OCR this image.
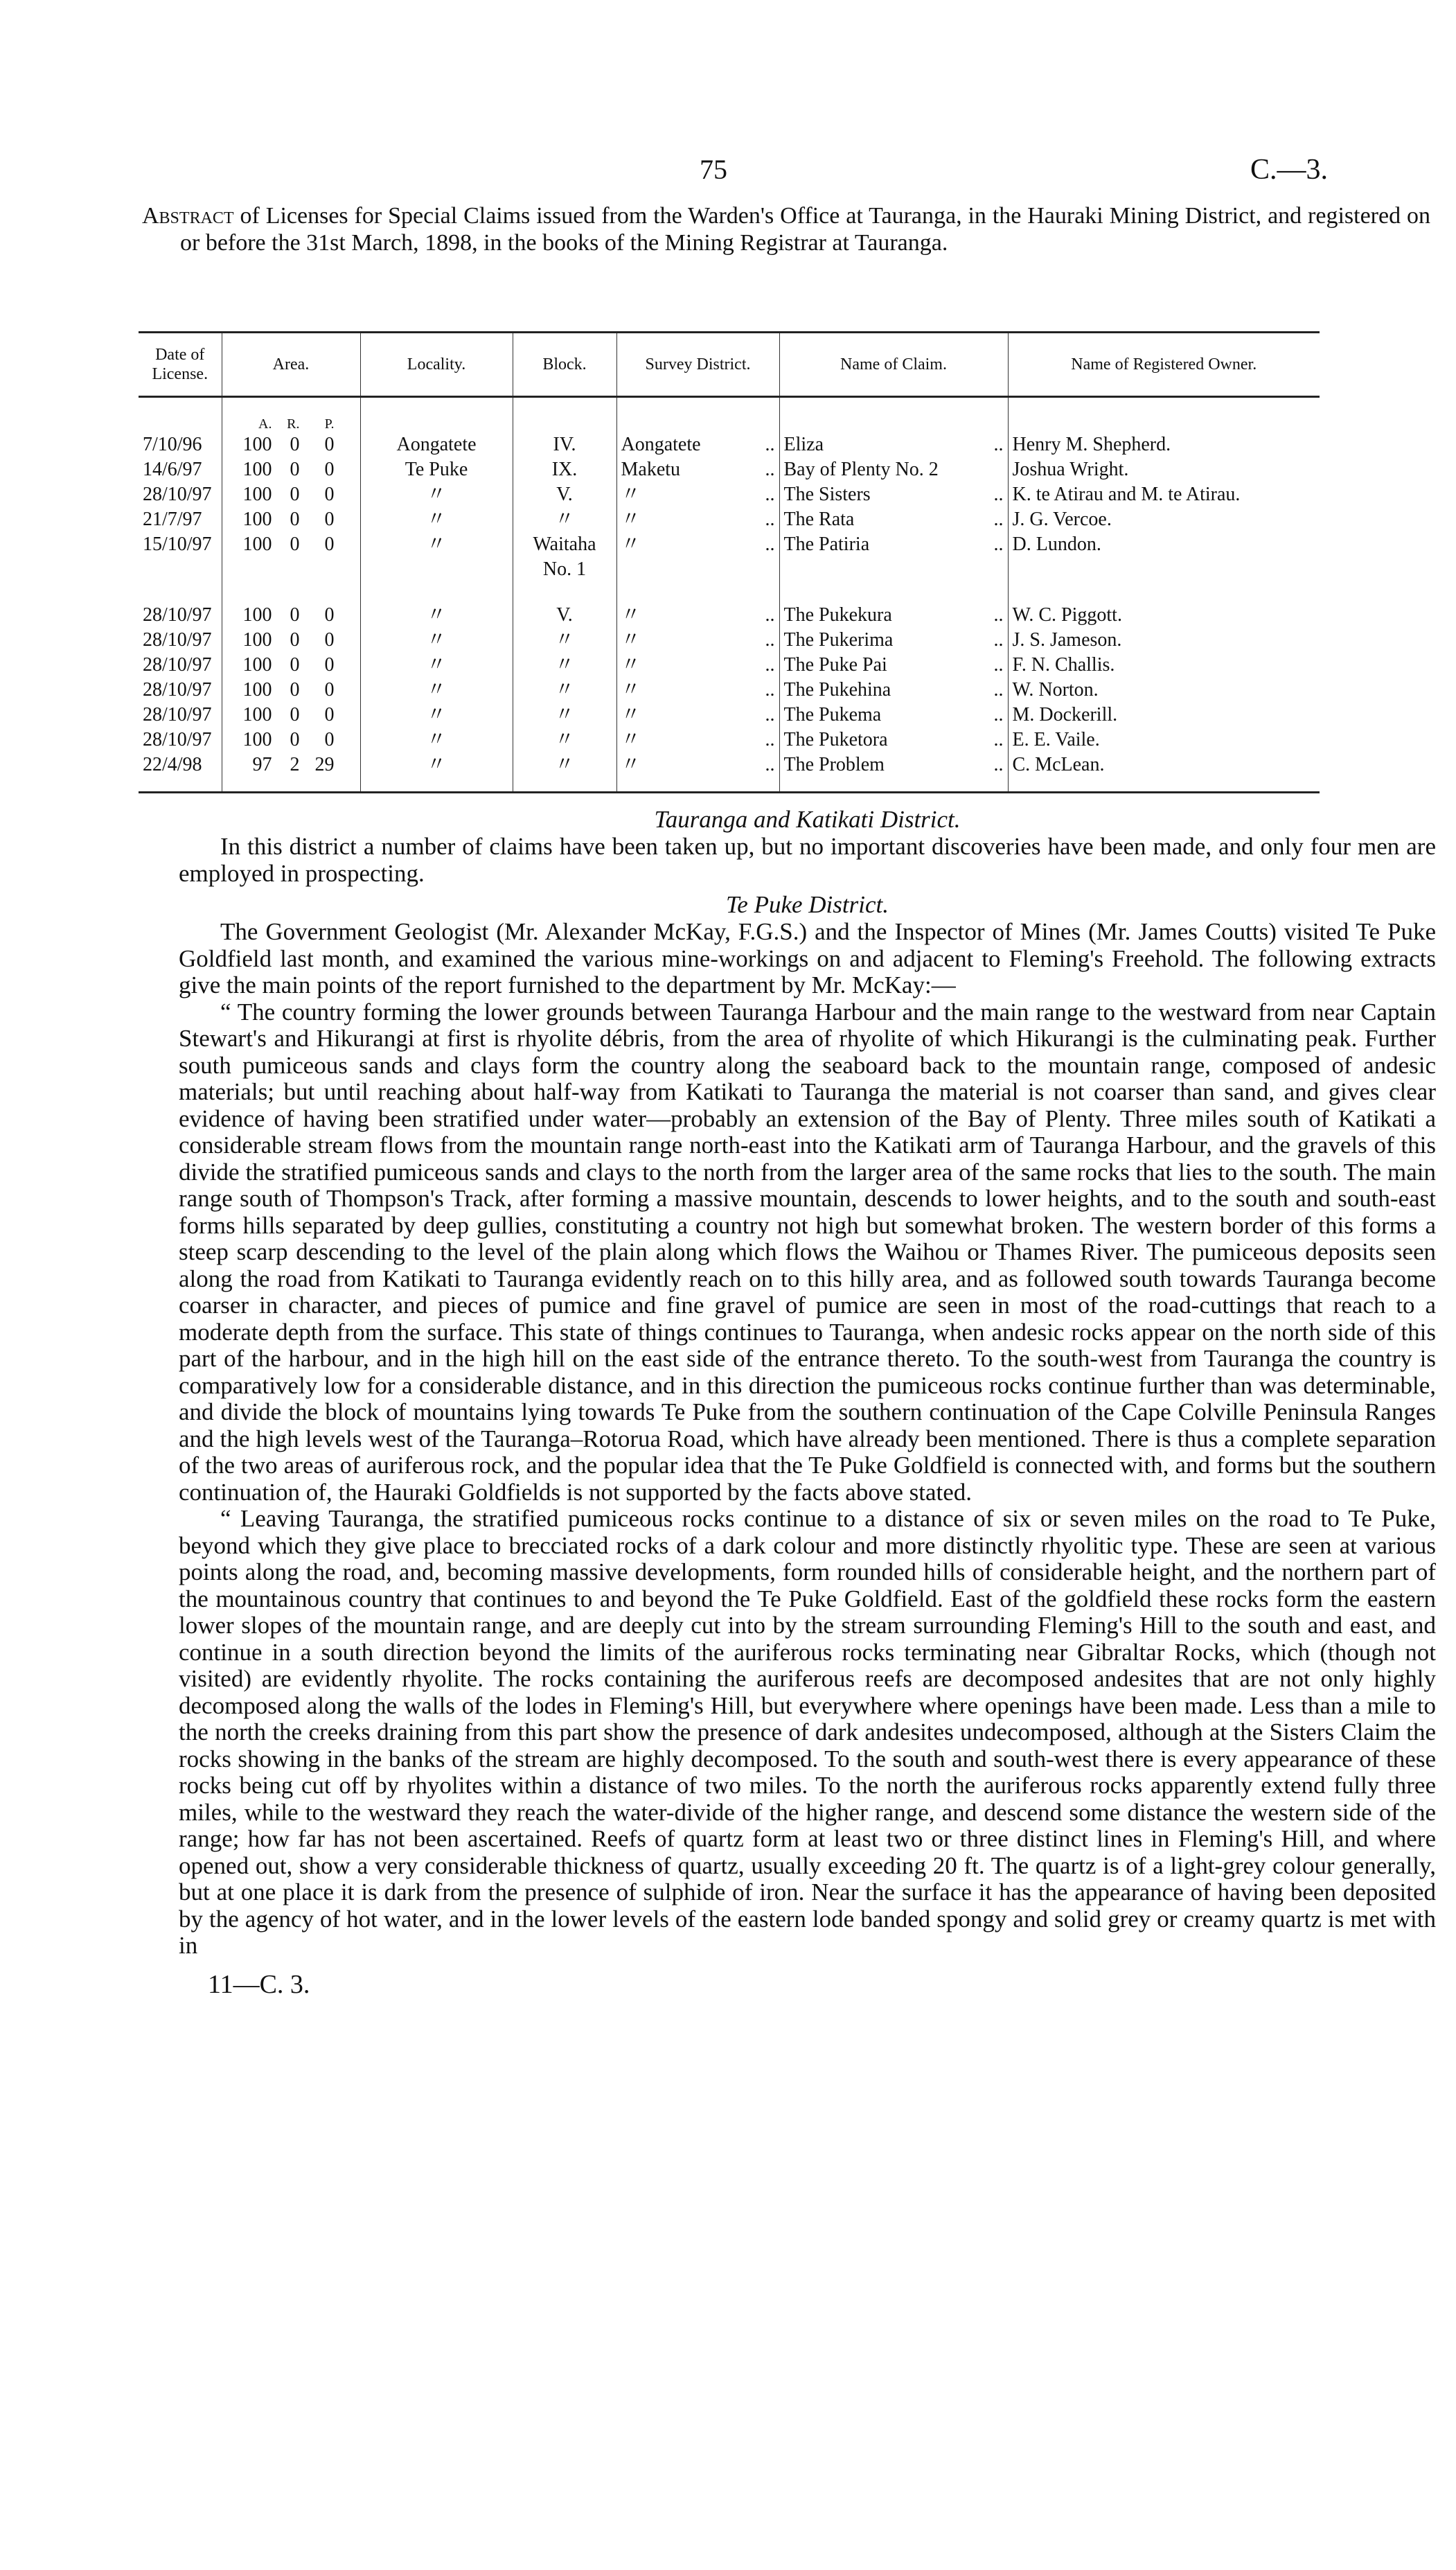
75	C.—3.

Abstract of Licenses for Special Claims issued from the Warden's Office at Tauranga, in the Hauraki Mining District, and registered on or before the 31st March, 1898, in the books of the Mining Registrar at Tauranga.

Date of License.	Area.	Locality.	Block.	Survey District.	Name of Claim.	Name of Registered Owner.
	A. R. P.					
7/10/96	100 0 0	Aongatete	IV.	Aongatete ..	Eliza ..	Henry M. Shepherd.
14/6/97	100 0 0	Te Puke	IX.	Maketu ..	Bay of Plenty No. 2	Joshua Wright.
28/10/97	100 0 0	〃	V.	〃 ..	The Sisters ..	K. te Atirau and M. te Atirau.
21/7/97	100 0 0	〃	〃	〃 ..	The Rata ..	J. G. Vercoe.
15/10/97	100 0 0	〃	Waitaha No. 1	〃 ..	The Patiria ..	D. Lundon.
28/10/97	100 0 0	〃	V.	〃 ..	The Pukekura ..	W. C. Piggott.
28/10/97	100 0 0	〃	〃	〃 ..	The Pukerima ..	J. S. Jameson.
28/10/97	100 0 0	〃	〃	〃 ..	The Puke Pai ..	F. N. Challis.
28/10/97	100 0 0	〃	〃	〃 ..	The Pukehina ..	W. Norton.
28/10/97	100 0 0	〃	〃	〃 ..	The Pukema ..	M. Dockerill.
28/10/97	100 0 0	〃	〃	〃 ..	The Puketora ..	E. E. Vaile.
22/4/98	97 2 29	〃	〃	〃 ..	The Problem ..	C. McLean.
Tauranga and Katikati District.

In this district a number of claims have been taken up, but no important discoveries have been made, and only four men are employed in prospecting.

Te Puke District.

The Government Geologist (Mr. Alexander McKay, F.G.S.) and the Inspector of Mines (Mr. James Coutts) visited Te Puke Goldfield last month, and examined the various mine-workings on and adjacent to Fleming's Freehold. The following extracts give the main points of the report furnished to the department by Mr. McKay:—

“ The country forming the lower grounds between Tauranga Harbour and the main range to the westward from near Captain Stewart's and Hikurangi at first is rhyolite débris, from the area of rhyolite of which Hikurangi is the culminating peak. Further south pumiceous sands and clays form the country along the seaboard back to the mountain range, composed of andesic materials; but until reaching about half-way from Katikati to Tauranga the material is not coarser than sand, and gives clear evidence of having been stratified under water—probably an extension of the Bay of Plenty. Three miles south of Katikati a considerable stream flows from the mountain range north-east into the Katikati arm of Tauranga Harbour, and the gravels of this divide the stratified pumiceous sands and clays to the north from the larger area of the same rocks that lies to the south. The main range south of Thompson's Track, after forming a massive mountain, descends to lower heights, and to the south and south-east forms hills separated by deep gullies, constituting a country not high but somewhat broken. The western border of this forms a steep scarp descending to the level of the plain along which flows the Waihou or Thames River. The pumiceous deposits seen along the road from Katikati to Tauranga evidently reach on to this hilly area, and as followed south towards Tauranga become coarser in character, and pieces of pumice and fine gravel of pumice are seen in most of the road-cuttings that reach to a moderate depth from the surface. This state of things continues to Tauranga, when andesic rocks appear on the north side of this part of the harbour, and in the high hill on the east side of the entrance thereto. To the south-west from Tauranga the country is comparatively low for a considerable distance, and in this direction the pumiceous rocks continue further than was determinable, and divide the block of mountains lying towards Te Puke from the southern continuation of the Cape Colville Peninsula Ranges and the high levels west of the Tauranga–Rotorua Road, which have already been mentioned. There is thus a complete separation of the two areas of auriferous rock, and the popular idea that the Te Puke Goldfield is connected with, and forms but the southern continuation of, the Hauraki Goldfields is not supported by the facts above stated.

“ Leaving Tauranga, the stratified pumiceous rocks continue to a distance of six or seven miles on the road to Te Puke, beyond which they give place to brecciated rocks of a dark colour and more distinctly rhyolitic type. These are seen at various points along the road, and, becoming massive developments, form rounded hills of considerable height, and the northern part of the mountainous country that continues to and beyond the Te Puke Goldfield. East of the goldfield these rocks form the eastern lower slopes of the mountain range, and are deeply cut into by the stream surrounding Fleming's Hill to the south and east, and continue in a south direction beyond the limits of the auriferous rocks terminating near Gibraltar Rocks, which (though not visited) are evidently rhyolite. The rocks containing the auriferous reefs are decomposed andesites that are not only highly decomposed along the walls of the lodes in Fleming's Hill, but everywhere where openings have been made. Less than a mile to the north the creeks draining from this part show the presence of dark andesites undecomposed, although at the Sisters Claim the rocks showing in the banks of the stream are highly decomposed. To the south and south-west there is every appearance of these rocks being cut off by rhyolites within a distance of two miles. To the north the auriferous rocks apparently extend fully three miles, while to the westward they reach the water-divide of the higher range, and descend some distance the western side of the range; how far has not been ascertained. Reefs of quartz form at least two or three distinct lines in Fleming's Hill, and where opened out, show a very considerable thickness of quartz, usually exceeding 20 ft. The quartz is of a light-grey colour generally, but at one place it is dark from the presence of sulphide of iron. Near the surface it has the appearance of having been deposited by the agency of hot water, and in the lower levels of the eastern lode banded spongy and solid grey or creamy quartz is met with in

11—C. 3.
